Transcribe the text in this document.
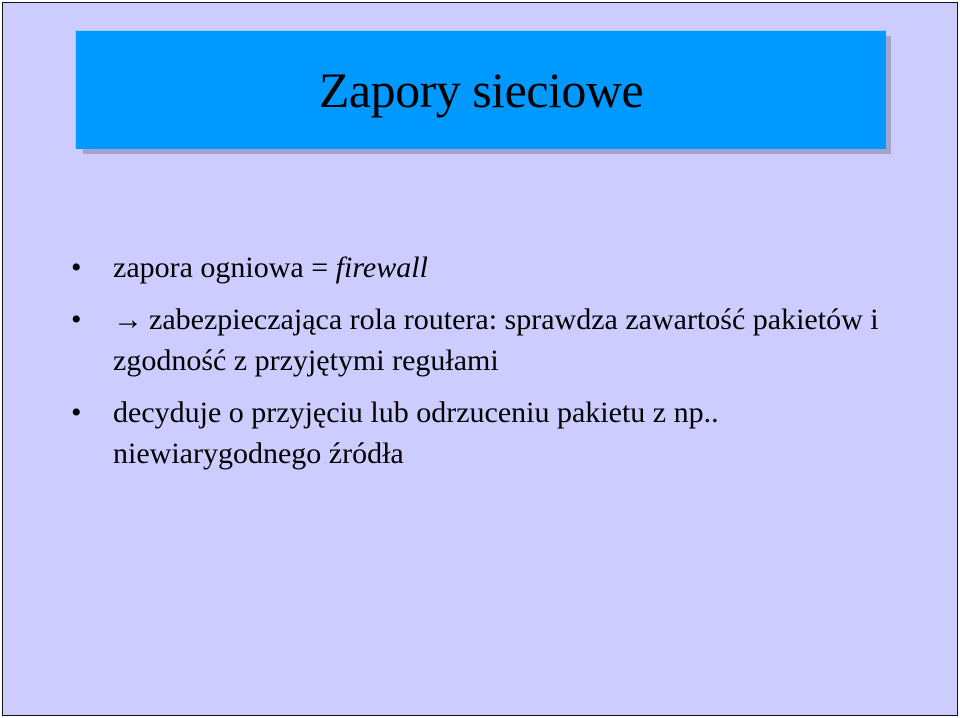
Zapory sieciowe
•	zapora ogniowa = firewall
•	→ zabezpieczająca rola routera: sprawdza zawartość pakietów i zgodność z przyjętymi regułami
•	decyduje o przyjęciu lub odrzuceniu pakietu z np.. niewiarygodnego źródła
